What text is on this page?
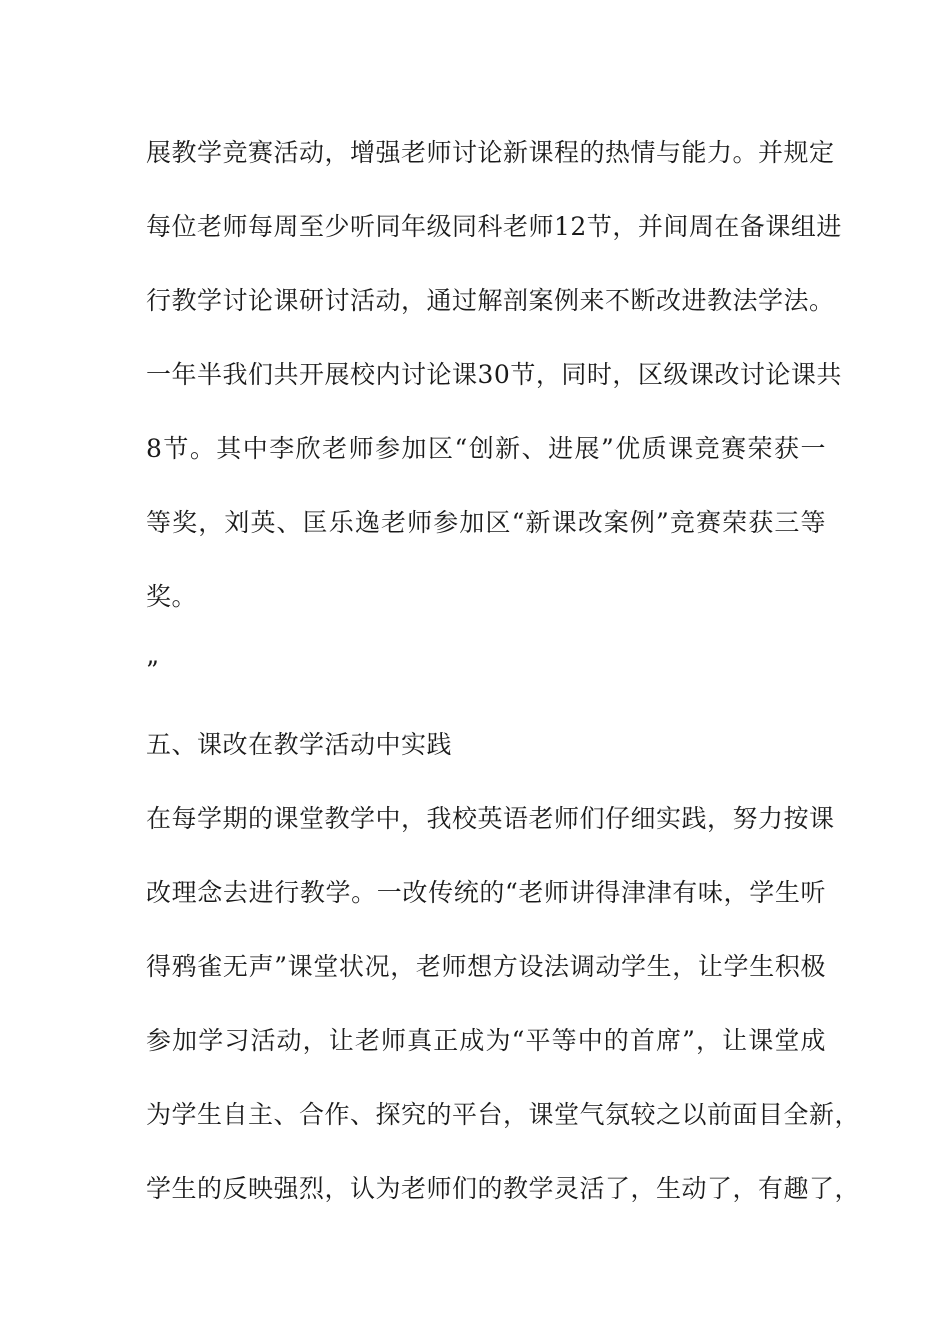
展教学竞赛活动，增强老师讨论新课程的热情与能力。并规定
每位老师每周至少听同年级同科老师12节，并间周在备课组进
行教学讨论课研讨活动，通过解剖案例来不断改进教法学法。
一年半我们共开展校内讨论课30节，同时，区级课改讨论课共
8节。其中李欣老师参加区“创新、进展”优质课竞赛荣获一
等奖，刘英、匡乐逸老师参加区“新课改案例”竞赛荣获三等
奖。
”
五、课改在教学活动中实践
在每学期的课堂教学中，我校英语老师们仔细实践，努力按课
改理念去进行教学。一改传统的“老师讲得津津有味，学生听
得鸦雀无声”课堂状况，老师想方设法调动学生，让学生积极
参加学习活动，让老师真正成为“平等中的首席”，让课堂成
为学生自主、合作、探究的平台，课堂气氛较之以前面目全新，
学生的反映强烈，认为老师们的教学灵活了，生动了，有趣了，
